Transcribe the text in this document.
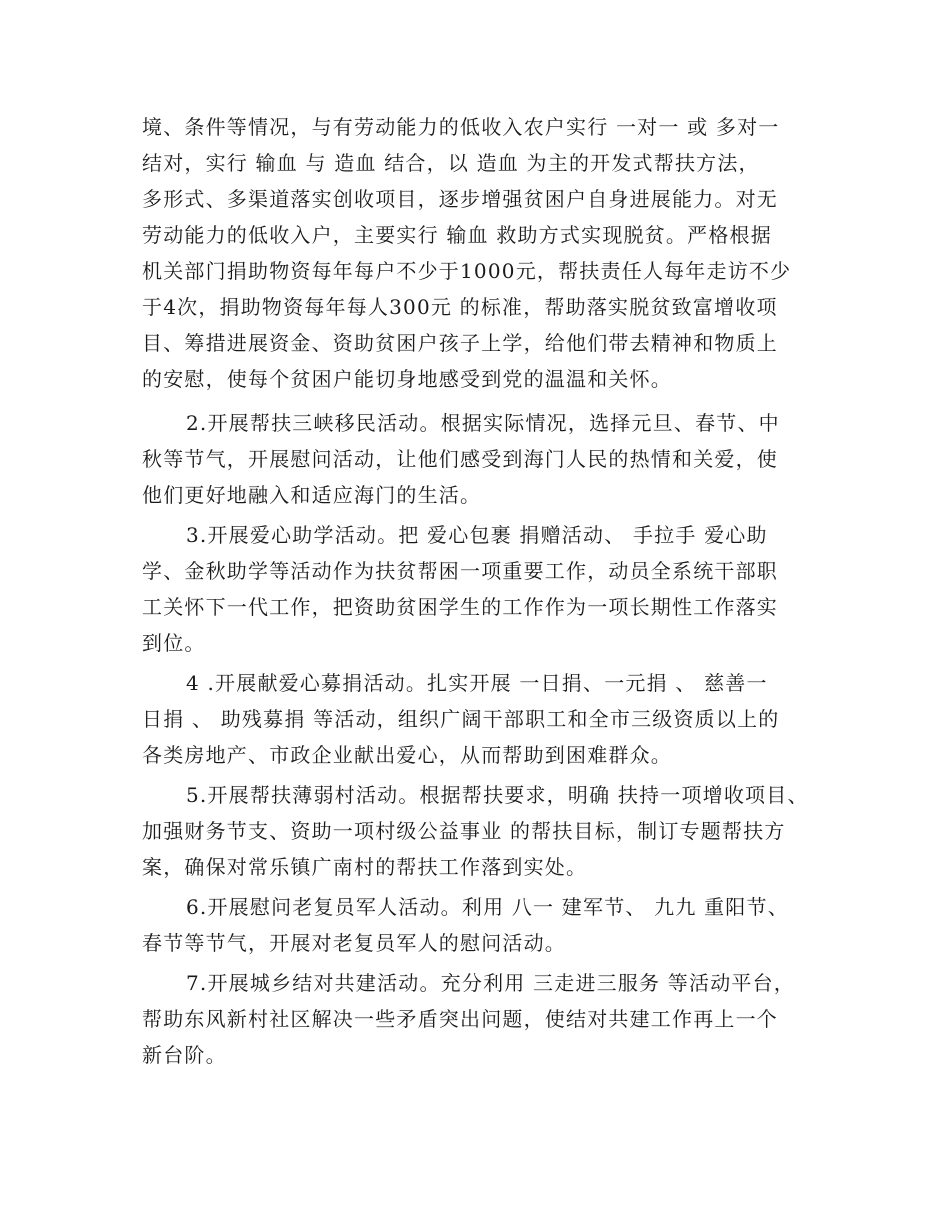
境、条件等情况，与有劳动能力的低收入农户实行 一对一 或 多对一
结对，实行 输血 与 造血 结合，以 造血 为主的开发式帮扶方法，
多形式、多渠道落实创收项目，逐步增强贫困户自身进展能力。对无
劳动能力的低收入户，主要实行 输血 救助方式实现脱贫。严格根据
机关部门捐助物资每年每户不少于1000元，帮扶责任人每年走访不少
于4次，捐助物资每年每人300元 的标准，帮助落实脱贫致富增收项
目、筹措进展资金、资助贫困户孩子上学，给他们带去精神和物质上
的安慰，使每个贫困户能切身地感受到党的温温和关怀。
2.开展帮扶三峡移民活动。根据实际情况，选择元旦、春节、中
秋等节气，开展慰问活动，让他们感受到海门人民的热情和关爱，使
他们更好地融入和适应海门的生活。
3.开展爱心助学活动。把 爱心包裹 捐赠活动、 手拉手 爱心助
学、金秋助学等活动作为扶贫帮困一项重要工作，动员全系统干部职
工关怀下一代工作，把资助贫困学生的工作作为一项长期性工作落实
到位。
4 .开展献爱心募捐活动。扎实开展 一日捐、一元捐 、 慈善一
日捐 、 助残募捐 等活动，组织广阔干部职工和全市三级资质以上的
各类房地产、市政企业献出爱心，从而帮助到困难群众。
5.开展帮扶薄弱村活动。根据帮扶要求，明确 扶持一项增收项目、
加强财务节支、资助一项村级公益事业 的帮扶目标，制订专题帮扶方
案，确保对常乐镇广南村的帮扶工作落到实处。
6.开展慰问老复员军人活动。利用 八一 建军节、 九九 重阳节、
春节等节气，开展对老复员军人的慰问活动。
7.开展城乡结对共建活动。充分利用 三走进三服务 等活动平台，
帮助东风新村社区解决一些矛盾突出问题，使结对共建工作再上一个
新台阶。
